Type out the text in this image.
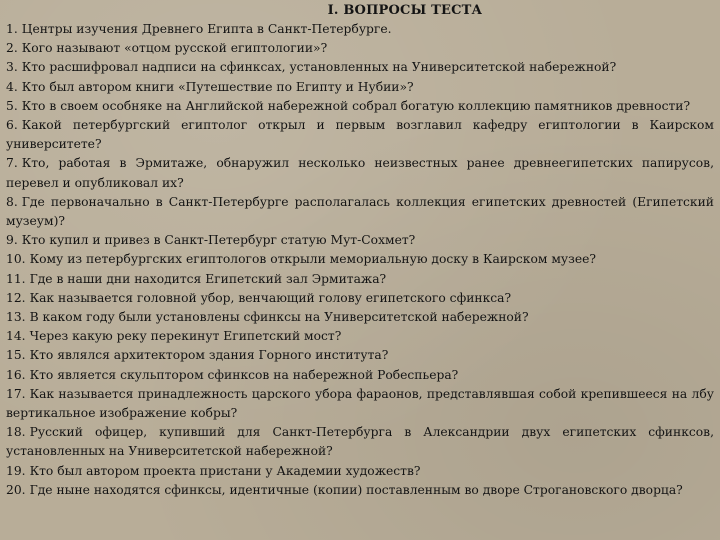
I. ВОПРОСЫ ТЕСТА
1. Центры изучения Древнего Египта в Санкт-Петербурге.
2. Кого называют «отцом русской египтологии»?
3. Кто расшифровал надписи на сфинксах, установленных на Университетской набережной?
4. Кто был автором книги «Путешествие по Египту и Нубии»?
5. Кто в своем особняке на Английской набережной собрал богатую коллекцию памятников древности?
6. Какой петербургский египтолог открыл и первым возглавил кафедру египтологии в Каирском университете?
7. Кто, работая в Эрмитаже, обнаружил несколько неизвестных ранее древнеегипетских папирусов, перевел и опубликовал их?
8. Где первоначально в Санкт-Петербурге располагалась коллекция египетских древностей (Египетский музеум)?
9. Кто купил и привез в Санкт-Петербург статую Мут-Сохмет?
10. Кому из петербургских египтологов открыли мемориальную доску в Каирском музее?
11. Где в наши дни находится Египетский зал Эрмитажа?
12. Как называется головной убор, венчающий голову египетского сфинкса?
13. В каком году были установлены сфинксы на Университетской набережной?
14. Через какую реку перекинут Египетский мост?
15. Кто являлся архитектором здания Горного института?
16. Кто является скульптором сфинксов на набережной Робеспьера?
17. Как называется принадлежность царского убора фараонов, представлявшая собой крепившееся на лбу вертикальное изображение кобры?
18. Русский офицер, купивший для Санкт-Петербурга в Александрии двух египетских сфинксов, установленных на Университетской набережной?
19. Кто был автором проекта пристани у Академии художеств?
20. Где ныне находятся сфинксы, идентичные (копии) поставленным во дворе Строгановского дворца?
